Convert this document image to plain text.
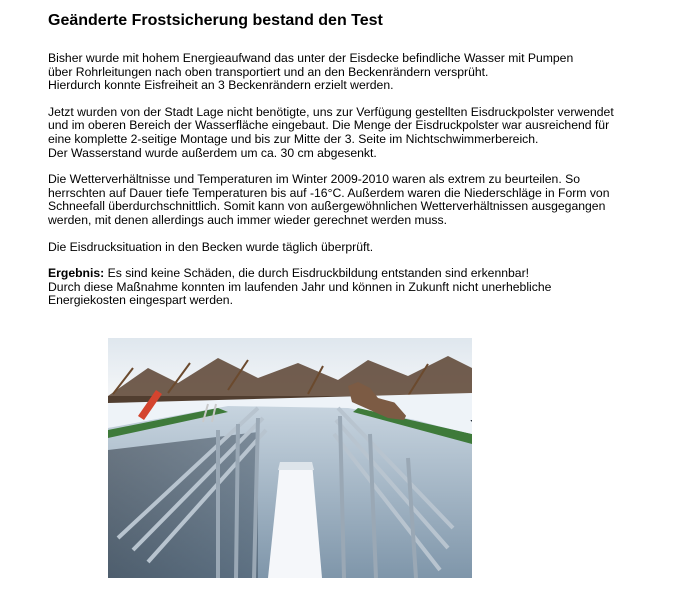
Geänderte Frostsicherung bestand den Test

Bisher wurde mit hohem Energieaufwand das unter der Eisdecke befindliche Wasser mit Pumpen
über Rohrleitungen nach oben transportiert und an den Beckenrändern versprüht.
Hierdurch konnte Eisfreiheit an 3 Beckenrändern erzielt werden.

Jetzt wurden von der Stadt Lage nicht benötigte, uns zur Verfügung gestellten Eisdruckpolster verwendet
und im oberen Bereich der Wasserfläche eingebaut. Die Menge der Eisdruckpolster war ausreichend für
eine komplette 2-seitige Montage und bis zur Mitte der 3. Seite im Nichtschwimmerbereich.
Der Wasserstand wurde außerdem um ca. 30 cm abgesenkt.

Die Wetterverhältnisse und Temperaturen im Winter 2009-2010 waren als extrem zu beurteilen. So
herrschten auf Dauer tiefe Temperaturen bis auf -16°C. Außerdem waren die Niederschläge in Form von
Schneefall überdurchschnittlich. Somit kann von außergewöhnlichen Wetterverhältnissen ausgegangen
werden, mit denen allerdings auch immer wieder gerechnet werden muss.

Die Eisdrucksituation in den Becken wurde täglich überprüft.

Ergebnis: Es sind keine Schäden, die durch Eisdruckbildung entstanden sind erkennbar!
Durch diese Maßnahme konnten im laufenden Jahr und können in Zukunft nicht unerhebliche
Energiekosten eingespart werden.
